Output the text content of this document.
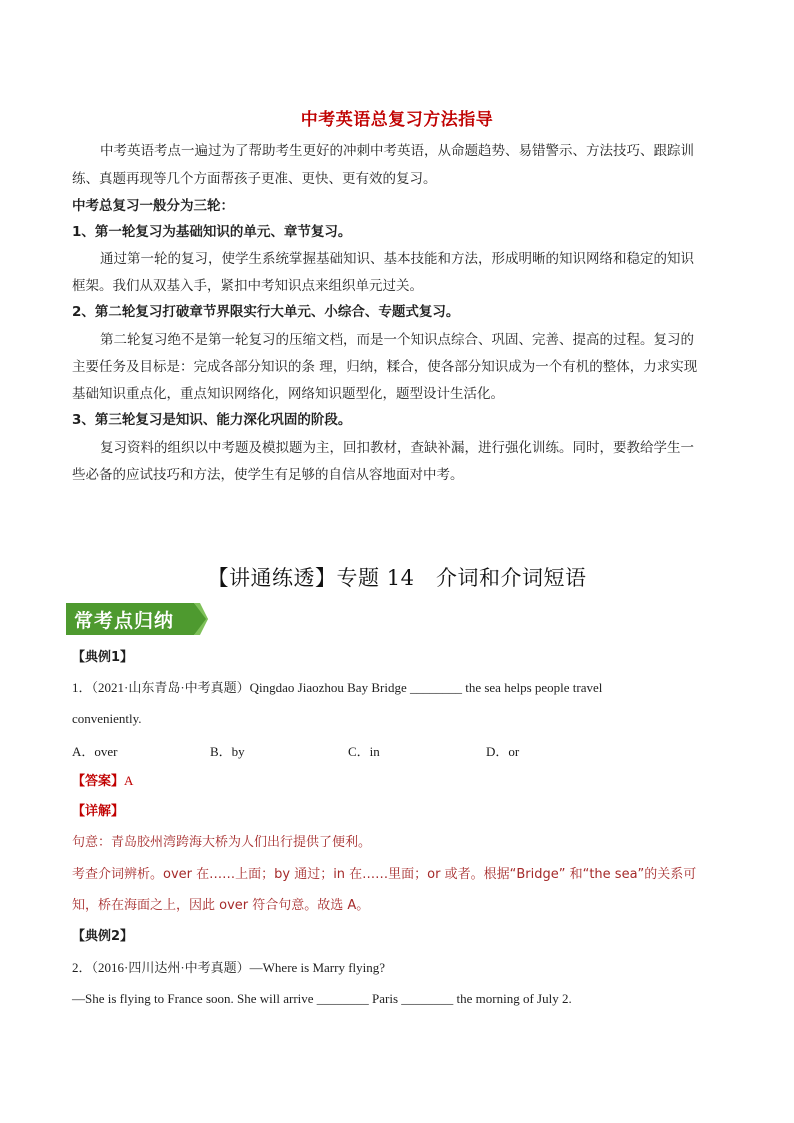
中考英语总复习方法指导
中考英语考点一遍过为了帮助考生更好的冲刺中考英语，从命题趋势、易错警示、方法技巧、跟踪训
练、真题再现等几个方面帮孩子更准、更快、更有效的复习。
中考总复习一般分为三轮：
1、第一轮复习为基础知识的单元、章节复习。
通过第一轮的复习，使学生系统掌握基础知识、基本技能和方法，形成明晰的知识网络和稳定的知识
框架。我们从双基入手，紧扣中考知识点来组织单元过关。
2、第二轮复习打破章节界限实行大单元、小综合、专题式复习。
第二轮复习绝不是第一轮复习的压缩文档，而是一个知识点综合、巩固、完善、提高的过程。复习的
主要任务及目标是：完成各部分知识的条 理，归纳，糅合，使各部分知识成为一个有机的整体，力求实现
基础知识重点化，重点知识网络化，网络知识题型化，题型设计生活化。
3、第三轮复习是知识、能力深化巩固的阶段。
复习资料的组织以中考题及模拟题为主，回扣教材，查缺补漏，进行强化训练。同时，要教给学生一
些必备的应试技巧和方法，使学生有足够的自信从容地面对中考。
【讲通练透】专题 14　介词和介词短语
常考点归纳
【典例1】
1．（2021·山东青岛·中考真题）Qingdao Jiaozhou Bay Bridge ________ the sea helps people travel
conveniently.
A．over	B．by	C．in	D．or
【答案】A
【详解】
句意：青岛胶州湾跨海大桥为人们出行提供了便利。
考查介词辨析。over 在……上面；by 通过；in 在……里面；or 或者。根据“Bridge” 和“the sea”的关系可
知，桥在海面之上，因此 over 符合句意。故选 A。
【典例2】
2．（2016·四川达州·中考真题）—Where is Marry flying?
—She is flying to France soon. She will arrive ________ Paris ________ the morning of July 2.
